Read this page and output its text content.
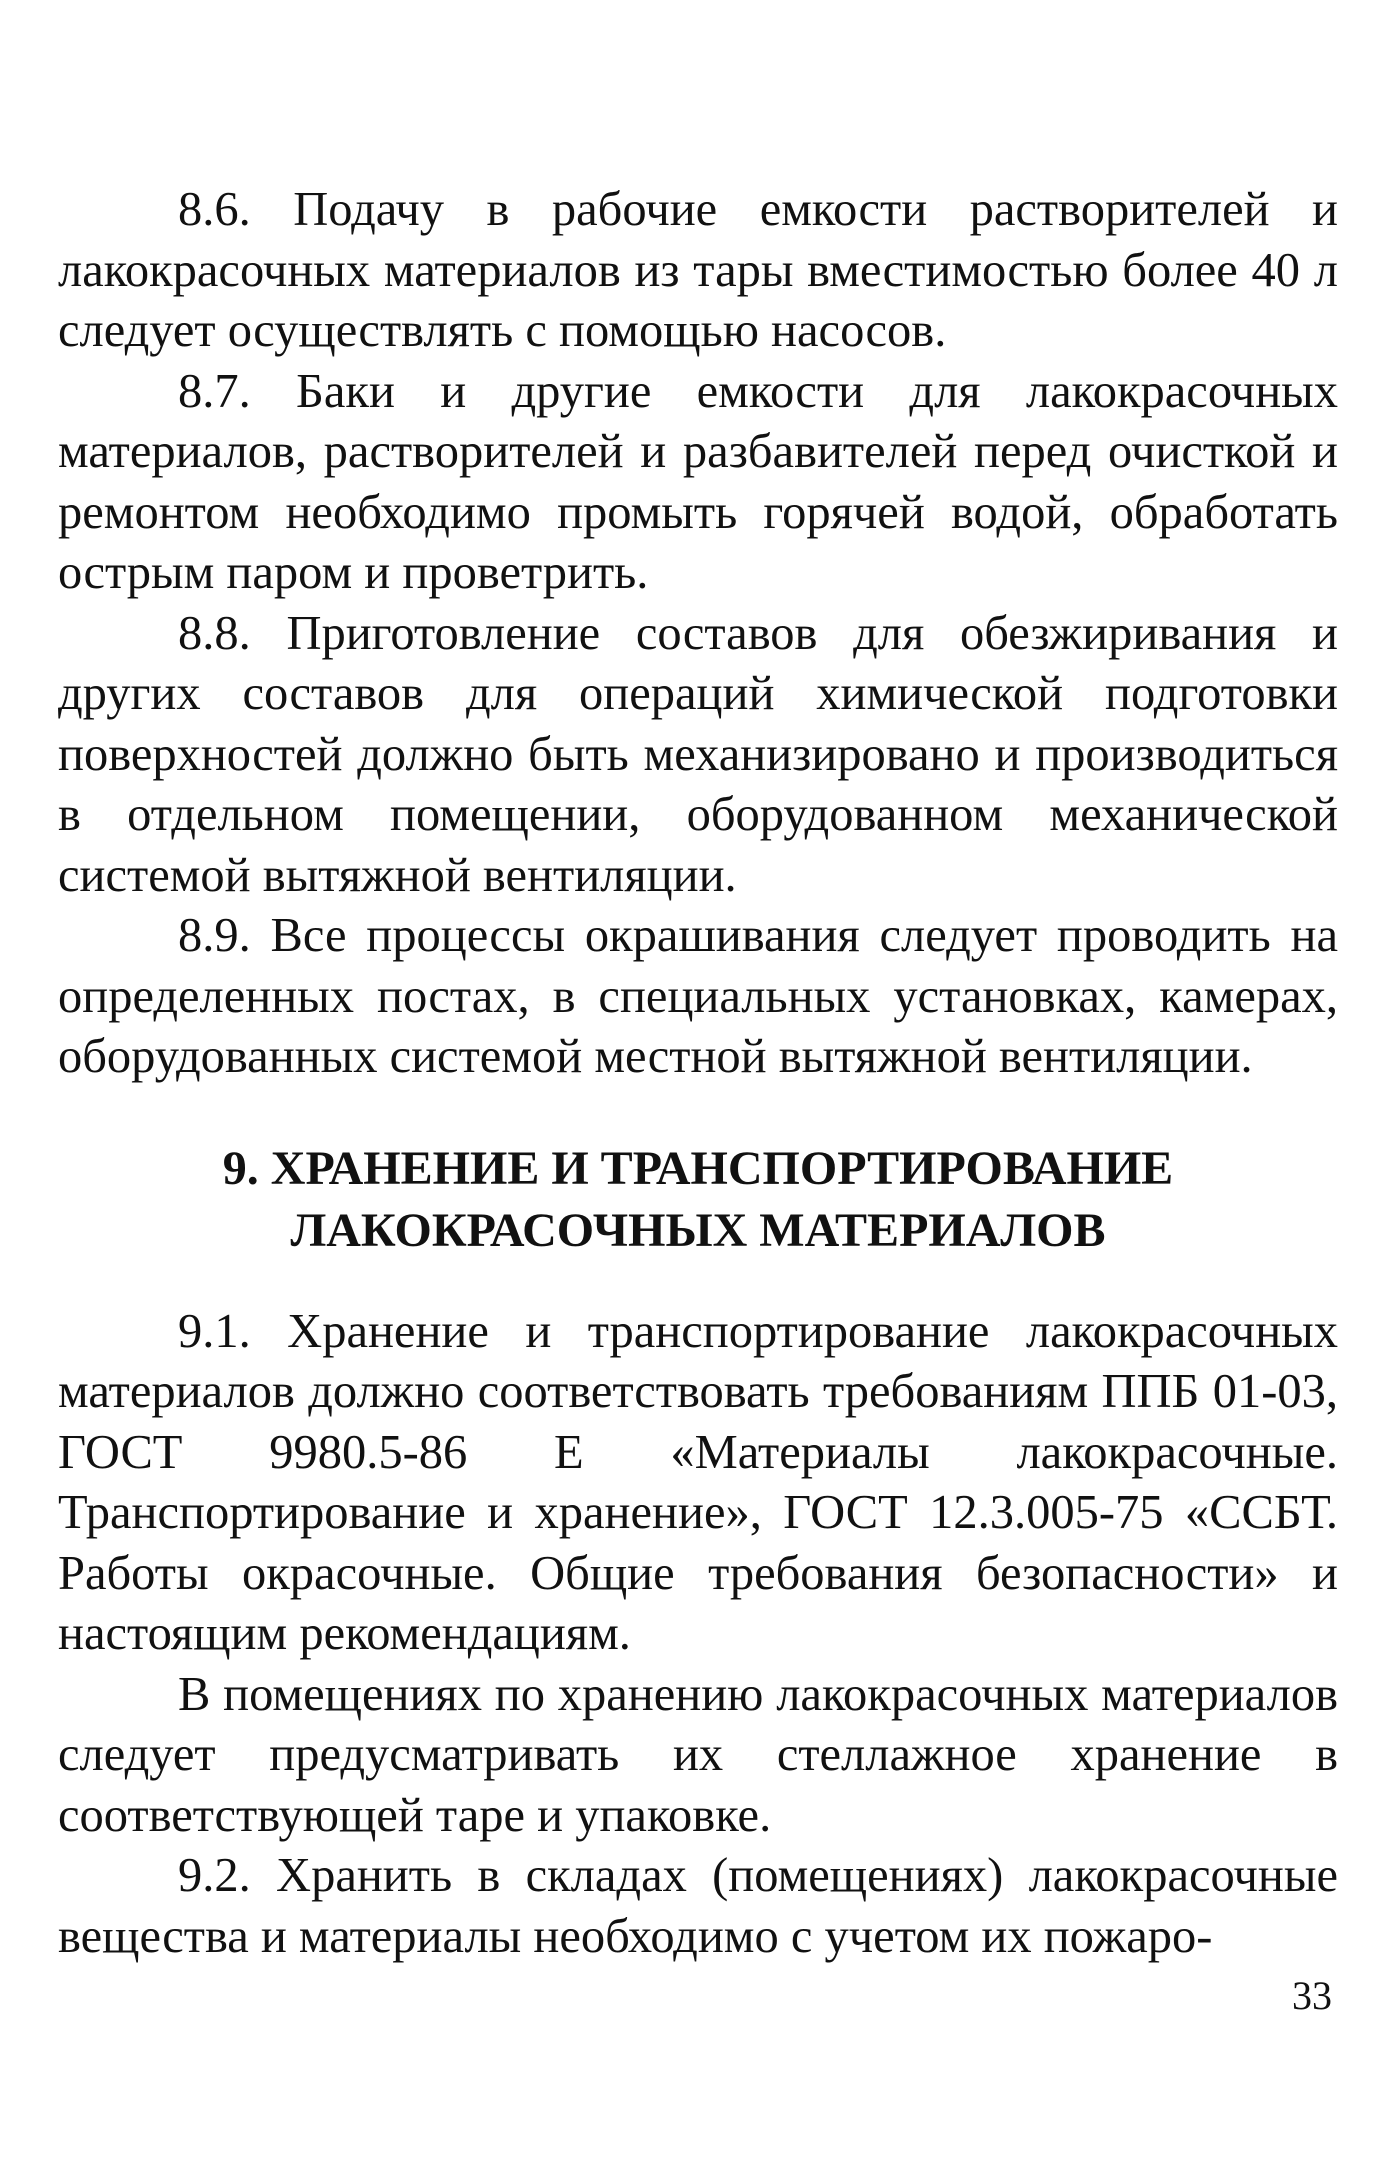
8.6. Подачу в рабочие емкости растворителей и лакокрасочных материалов из тары вместимостью более 40 л следует осуществлять с помощью насосов.

8.7. Баки и другие емкости для лакокрасочных материалов, растворителей и разбавителей перед очисткой и ремонтом необходимо промыть горячей водой, обработать острым паром и проветрить.

8.8. Приготовление составов для обезжиривания и других составов для операций химической подготовки поверхностей должно быть механизировано и производиться в отдельном помещении, оборудованном механической системой вытяжной вентиляции.

8.9. Все процессы окрашивания следует проводить на определенных постах, в специальных установках, камерах, оборудованных системой местной вытяжной вентиляции.

9. ХРАНЕНИЕ И ТРАНСПОРТИРОВАНИЕ
ЛАКОКРАСОЧНЫХ МАТЕРИАЛОВ

9.1. Хранение и транспортирование лакокрасочных материалов должно соответствовать требованиям ППБ 01-03, ГОСТ 9980.5-86 Е «Материалы лакокрасочные. Транспортирование и хранение», ГОСТ 12.3.005-75 «ССБТ. Работы окрасочные. Общие требования безопасности» и настоящим рекомендациям.

В помещениях по хранению лакокрасочных материалов следует предусматривать их стеллажное хранение в соответствующей таре и упаковке.

9.2. Хранить в складах (помещениях) лакокрасочные вещества и материалы необходимо с учетом их пожаро-

33
